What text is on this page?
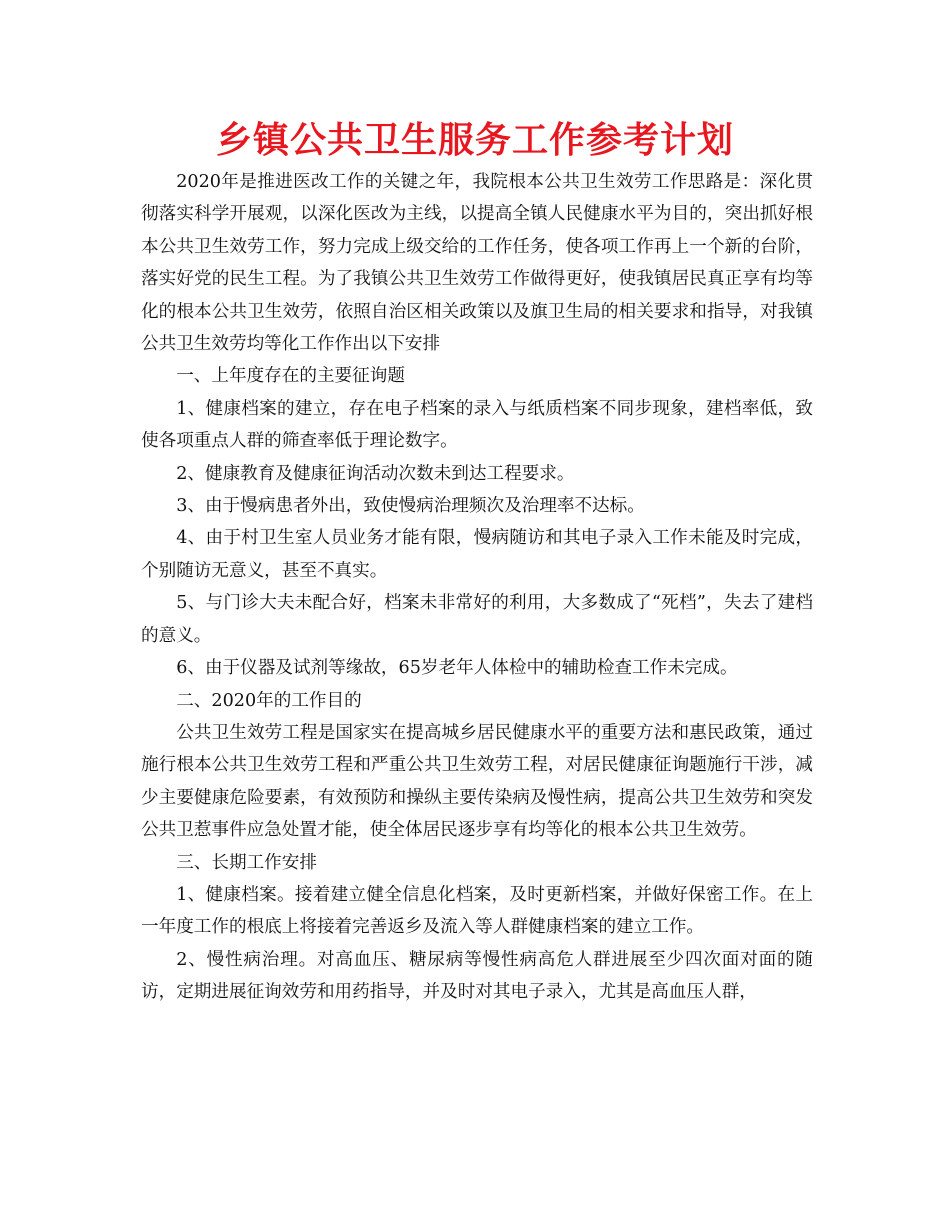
乡镇公共卫生服务工作参考计划

2020年是推进医改工作的关键之年，我院根本公共卫生效劳工作思路是：深化贯彻落实科学开展观，以深化医改为主线，以提高全镇人民健康水平为目的，突出抓好根本公共卫生效劳工作，努力完成上级交给的工作任务，使各项工作再上一个新的台阶，落实好党的民生工程。为了我镇公共卫生效劳工作做得更好，使我镇居民真正享有均等化的根本公共卫生效劳，依照自治区相关政策以及旗卫生局的相关要求和指导，对我镇公共卫生效劳均等化工作作出以下安排

一、上年度存在的主要征询题

1、健康档案的建立，存在电子档案的录入与纸质档案不同步现象，建档率低，致使各项重点人群的筛查率低于理论数字。

2、健康教育及健康征询活动次数未到达工程要求。

3、由于慢病患者外出，致使慢病治理频次及治理率不达标。

4、由于村卫生室人员业务才能有限，慢病随访和其电子录入工作未能及时完成，个别随访无意义，甚至不真实。

5、与门诊大夫未配合好，档案未非常好的利用，大多数成了“死档”，失去了建档的意义。

6、由于仪器及试剂等缘故，65岁老年人体检中的辅助检查工作未完成。

二、2020年的工作目的

公共卫生效劳工程是国家实在提高城乡居民健康水平的重要方法和惠民政策，通过施行根本公共卫生效劳工程和严重公共卫生效劳工程，对居民健康征询题施行干涉，减少主要健康危险要素，有效预防和操纵主要传染病及慢性病，提高公共卫生效劳和突发公共卫惹事件应急处置才能，使全体居民逐步享有均等化的根本公共卫生效劳。

三、长期工作安排

1、健康档案。接着建立健全信息化档案，及时更新档案，并做好保密工作。在上一年度工作的根底上将接着完善返乡及流入等人群健康档案的建立工作。

2、慢性病治理。对高血压、糖尿病等慢性病高危人群进展至少四次面对面的随访，定期进展征询效劳和用药指导，并及时对其电子录入，尤其是高血压人群，
